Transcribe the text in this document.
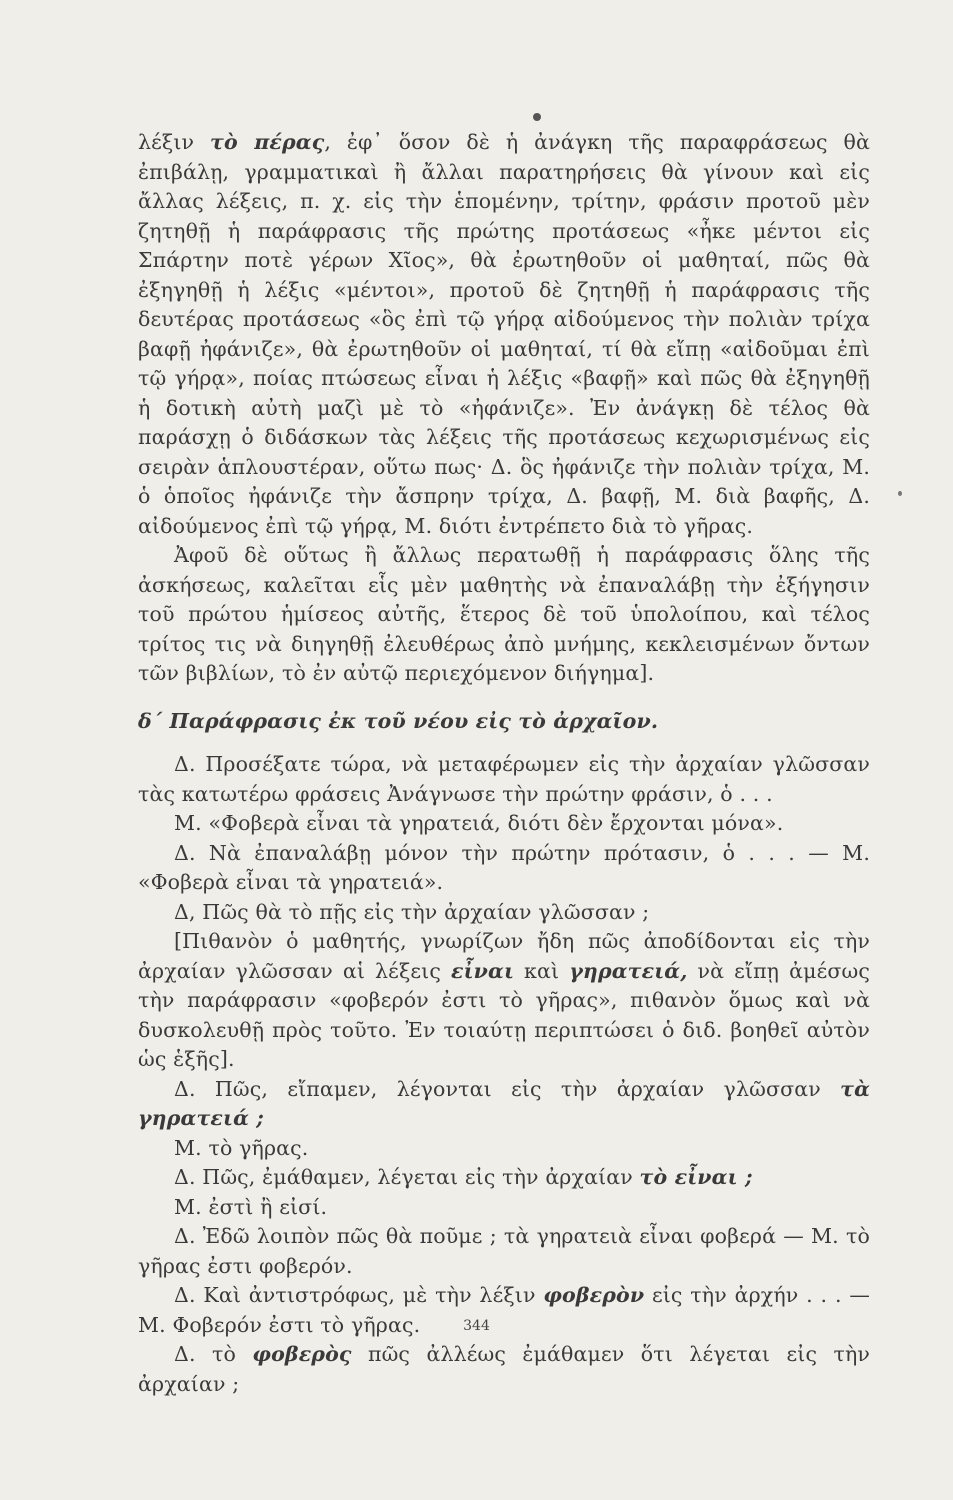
λέξιν τὸ πέρας, ἐφ᾽ ὅσον δὲ ἡ ἀνάγκη τῆς παραφράσεως θὰ ἐπιβάλῃ, γραμματικαὶ ἢ ἄλλαι παρατηρήσεις θὰ γίνουν καὶ εἰς ἄλλας λέξεις, π. χ. εἰς τὴν ἑπομένην, τρίτην, φράσιν προτοῦ μὲν ζητηθῇ ἡ παράφρασις τῆς πρώτης προτάσεως «ἦκε μέντοι εἰς Σπάρτην ποτὲ γέρων Χῖος», θὰ ἐρωτηθοῦν οἱ μαθηταί, πῶς θὰ ἐξηγηθῇ ἡ λέξις «μέντοι», προτοῦ δὲ ζητηθῇ ἡ παράφρασις τῆς δευτέρας προτάσεως «ὃς ἐπὶ τῷ γήρᾳ αἰδούμενος τὴν πολιὰν τρίχα βαφῇ ἠφάνιζε», θὰ ἐρωτηθοῦν οἱ μαθηταί, τί θὰ εἴπῃ «αἰδοῦμαι ἐπὶ τῷ γήρᾳ», ποίας πτώσεως εἶναι ἡ λέξις «βαφῇ» καὶ πῶς θὰ ἐξηγηθῇ ἡ δοτικὴ αὐτὴ μαζὶ μὲ τὸ «ἠφάνιζε». Ἐν ἀνάγκῃ δὲ τέλος θὰ παράσχῃ ὁ διδάσκων τὰς λέξεις τῆς προτάσεως κεχωρισμένως εἰς σειρὰν ἁπλουστέραν, οὕτω πως· Δ. ὃς ἠφάνιζε τὴν πολιὰν τρίχα, Μ. ὁ ὁποῖος ἠφάνιζε τὴν ἄσπρην τρίχα, Δ. βαφῇ, Μ. διὰ βαφῆς, Δ. αἰδούμενος ἐπὶ τῷ γήρᾳ, Μ. διότι ἐντρέπετο διὰ τὸ γῆρας.

Ἀφοῦ δὲ οὕτως ἢ ἄλλως περατωθῇ ἡ παράφρασις ὅλης τῆς ἀσκήσεως, καλεῖται εἷς μὲν μαθητὴς νὰ ἐπαναλάβῃ τὴν ἐξήγησιν τοῦ πρώτου ἡμίσεος αὐτῆς, ἕτερος δὲ τοῦ ὑπολοίπου, καὶ τέλος τρίτος τις νὰ διηγηθῇ ἐλευθέρως ἀπὸ μνήμης, κεκλεισμένων ὄντων τῶν βιβλίων, τὸ ἐν αὐτῷ περιεχόμενον διήγημα].

δ΄ Παράφρασις ἐκ τοῦ νέου εἰς τὸ ἀρχαῖον.

Δ. Προσέξατε τώρα, νὰ μεταφέρωμεν εἰς τὴν ἀρχαίαν γλῶσσαν τὰς κατωτέρω φράσεις Ἀνάγνωσε τὴν πρώτην φράσιν, ὁ . . .

Μ. «Φοβερὰ εἶναι τὰ γηρατειά, διότι δὲν ἔρχονται μόνα».

Δ. Νὰ ἐπαναλάβῃ μόνον τὴν πρώτην πρότασιν, ὁ . . . — Μ. «Φοβερὰ εἶναι τὰ γηρατειά».

Δ, Πῶς θὰ τὸ πῇς εἰς τὴν ἀρχαίαν γλῶσσαν ;

[Πιθανὸν ὁ μαθητής, γνωρίζων ἤδη πῶς ἀποδίδονται εἰς τὴν ἀρχαίαν γλῶσσαν αἱ λέξεις εἶναι καὶ γηρατειά, νὰ εἴπῃ ἀμέσως τὴν παράφρασιν «φοβερόν ἐστι τὸ γῆρας», πιθανὸν ὅμως καὶ νὰ δυσκολευθῇ πρὸς τοῦτο. Ἐν τοιαύτῃ περιπτώσει ὁ διδ. βοηθεῖ αὐτὸν ὡς ἑξῆς].

Δ. Πῶς, εἴπαμεν, λέγονται εἰς τὴν ἀρχαίαν γλῶσσαν τὰ γηρατειά ;

Μ. τὸ γῆρας.

Δ. Πῶς, ἐμάθαμεν, λέγεται εἰς τὴν ἀρχαίαν τὸ εἶναι ;

Μ. ἐστὶ ἢ εἰσί.

Δ. Ἐδῶ λοιπὸν πῶς θὰ ποῦμε ; τὰ γηρατειὰ εἶναι φοβερά — Μ. τὸ γῆρας ἐστι φοβερόν.

Δ. Καὶ ἀντιστρόφως, μὲ τὴν λέξιν φοβερὸν εἰς τὴν ἀρχήν . . . — Μ. Φοβερόν ἐστι τὸ γῆρας.

Δ. τὸ φοβερὸς πῶς ἀλλέως ἐμάθαμεν ὅτι λέγεται εἰς τὴν ἀρχαίαν ;

344
